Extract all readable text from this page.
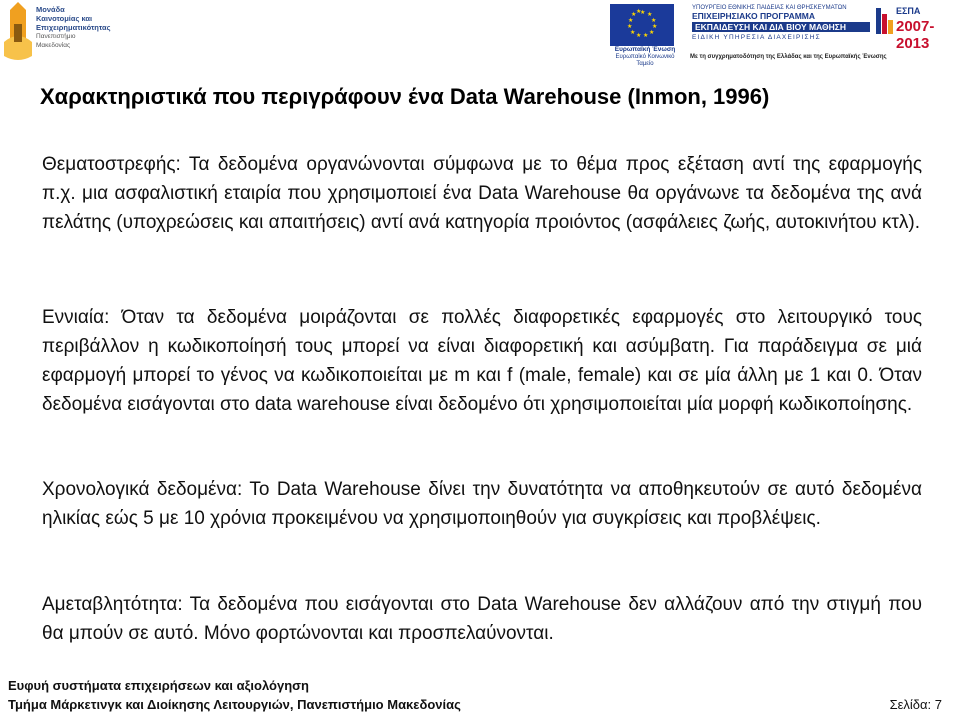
Μονάδα
Καινοτομίας και
Επιχειρηματικότητας
Πανεπιστήμιο Μακεδονίας
★ ★
★
★
★
★
★
★
★
★
★ ★
Ευρωπαϊκή Ένωση
Ευρωπαϊκό Κοινωνικό Ταμείο
ΥΠΟΥΡΓΕΙΟ ΕΘΝΙΚΗΣ ΠΑΙΔΕΙΑΣ ΚΑΙ ΘΡΗΣΚΕΥΜΑΤΩΝ
ΕΠΙΧΕΙΡΗΣΙΑΚΟ ΠΡΟΓΡΑΜΜΑ
ΕΚΠΑΙΔΕΥΣΗ ΚΑΙ ΔΙΑ ΒΙΟΥ ΜΑΘΗΣΗ
ΕΙΔΙΚΗ ΥΠΗΡΕΣΙΑ ΔΙΑΧΕΙΡΙΣΗΣ
ΕΣΠΑ
2007-2013
Με τη συγχρηματοδότηση της Ελλάδας και της Ευρωπαϊκής Ένωσης
Χαρακτηριστικά που περιγράφουν ένα Data Warehouse (Inmon, 1996)

Θεματοστρεφής: Τα δεδομένα οργανώνονται σύμφωνα με το θέμα προς εξέταση αντί της εφαρμογής π.χ. μια ασφαλιστική εταιρία που χρησιμοποιεί ένα Data Warehouse θα οργάνωνε τα δεδομένα της ανά πελάτης (υποχρεώσεις και απαιτήσεις) αντί ανά κατηγορία προιόντος (ασφάλειες ζωής, αυτοκινήτου κτλ).

Εννιαία: Όταν τα δεδομένα μοιράζονται σε πολλές διαφορετικές εφαρμογές στο λειτουργικό τους περιβάλλον η κωδικοποίησή τους μπορεί να είναι διαφορετική και ασύμβατη. Για παράδειγμα σε μιά εφαρμογή μπορεί το γένος να κωδικοποιείται με m και f (male, female) και σε μία άλλη με 1 και 0. Όταν δεδομένα εισάγονται στο data warehouse είναι δεδομένο ότι χρησιμοποιείται μία μορφή κωδικοποίησης.

Χρονολογικά δεδομένα: Το Data Warehouse δίνει την δυνατότητα να αποθηκευτούν σε αυτό δεδομένα ηλικίας εώς 5 με 10 χρόνια προκειμένου να χρησιμοποιηθούν για συγκρίσεις και προβλέψεις.

Αμεταβλητότητα: Τα δεδομένα που εισάγονται στο Data Warehouse δεν αλλάζουν από την στιγμή που θα μπούν σε αυτό. Μόνο φορτώνονται και προσπελαύνονται.

Ευφυή συστήματα επιχειρήσεων και αξιολόγηση
Τμήμα Μάρκετινγκ και Διοίκησης Λειτουργιών, Πανεπιστήμιο Μακεδονίας	Σελίδα: 7
